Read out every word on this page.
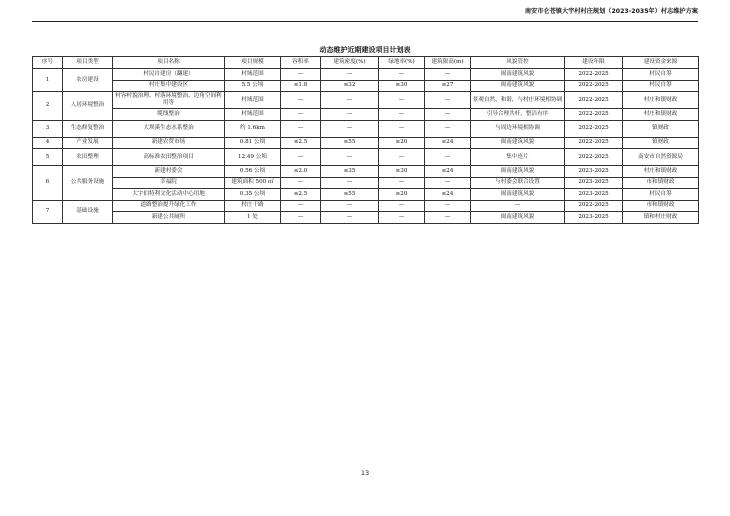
南安市仑苍镇大宇村村庄规划（2023-2035年）村志维护方案
动态维护近期建设项目计划表
序号	项目类型	项目名称	项目规模	容积率	建筑密度(%)	绿地率(%)	建筑限高(m)	风貌管控	建设年限	建设资金来源
1	农房建设	村民自建房（翻建）	村域范围	—	—	—	—	闽南建筑风貌	2022-2025	村民自筹
		村庄集中建设区	5.5 公顷	≤1.8	≤32	≥30	≤27	闽南建筑风貌	2022-2025	村民自筹
2	人居环境整治	村容村貌治理、村落环境整治、边角空间利用等	村域范围	—	—	—	—	景观自然、和谐，与村庄环境相协调	2022-2025	村庄和镇财政
		缆线整治	村域范围	—	—	—	—	引导合理共杆，整洁有序	2022-2025	村庄和镇财政
3	生态修复整治	大坝溪生态水系整治	约 1.6km	—	—	—	—	与周边环境相协调	2022-2025	镇财政
4	产业发展	新建农贸市场	0.81 公顷	≤2.5	≤55	≥20	≤24	闽南建筑风貌	2022-2025	镇财政
5	农田整理	高标准农田整治项目	12.49 公顷	—	—	—	—	集中连片	2022-2025	南安市自然资源局
6	公共服务设施	新建村委会	0.56 公顷	≤2.0	≤35	≥30	≤24	闽南建筑风貌	2023-2025	村庄和镇财政
		幸福院	建筑面积 500 ㎡	—	—	—	—	与村委会联合设置	2023-2025	市和镇财政
		大宇伯特利文化活动中心用地	0.35 公顷	≤2.5	≤55	≥20	≤24	闽南建筑风貌	2023-2025	村民自筹
7	基础设施	道路整治提升绿化工作	村庄干路	—	—	—	—	—	2022-2025	市和镇财政
		新建公共厕所	1 处	—	—	—	—	闽南建筑风貌	2023-2025	镇和村庄财政
13
